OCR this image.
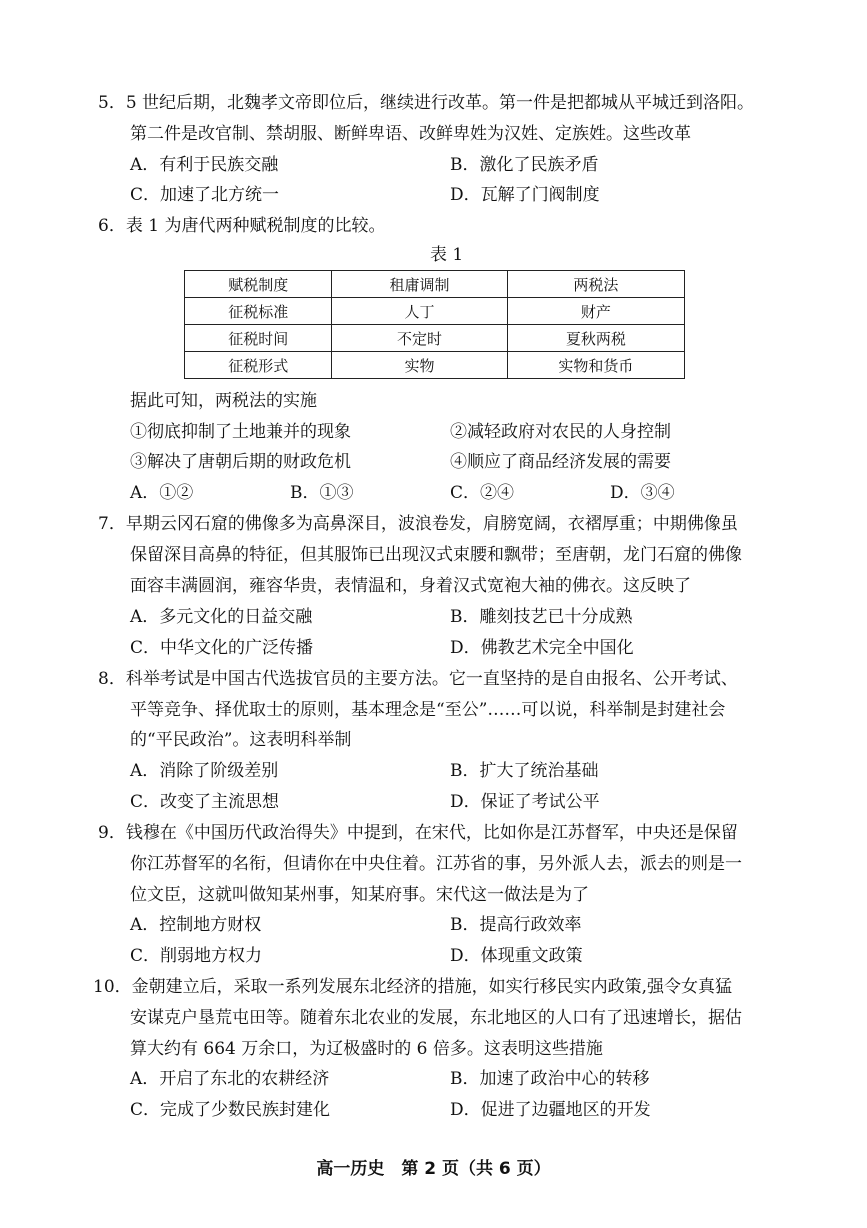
5．5 世纪后期，北魏孝文帝即位后，继续进行改革。第一件是把都城从平城迁到洛阳。
第二件是改官制、禁胡服、断鲜卑语、改鲜卑姓为汉姓、定族姓。这些改革
A．有利于民族交融	B．激化了民族矛盾
C．加速了北方统一	D．瓦解了门阀制度
6．表 1 为唐代两种赋税制度的比较。
表 1
赋税制度	租庸调制	两税法
征税标准	人丁	财产
征税时间	不定时	夏秋两税
征税形式	实物	实物和货币
据此可知，两税法的实施
①彻底抑制了土地兼并的现象	②减轻政府对农民的人身控制
③解决了唐朝后期的财政危机	④顺应了商品经济发展的需要
A．①②	B．①③	C．②④	D．③④
7．早期云冈石窟的佛像多为高鼻深目，波浪卷发，肩膀宽阔，衣褶厚重；中期佛像虽
保留深目高鼻的特征，但其服饰已出现汉式束腰和飘带；至唐朝，龙门石窟的佛像
面容丰满圆润，雍容华贵，表情温和，身着汉式宽袍大袖的佛衣。这反映了
A．多元文化的日益交融	B．雕刻技艺已十分成熟
C．中华文化的广泛传播	D．佛教艺术完全中国化
8．科举考试是中国古代选拔官员的主要方法。它一直坚持的是自由报名、公开考试、
平等竞争、择优取士的原则，基本理念是“至公”……可以说，科举制是封建社会
的“平民政治”。这表明科举制
A．消除了阶级差别	B．扩大了统治基础
C．改变了主流思想	D．保证了考试公平
9．钱穆在《中国历代政治得失》中提到，在宋代，比如你是江苏督军，中央还是保留
你江苏督军的名衔，但请你在中央住着。江苏省的事，另外派人去，派去的则是一
位文臣，这就叫做知某州事，知某府事。宋代这一做法是为了
A．控制地方财权	B．提高行政效率
C．削弱地方权力	D．体现重文政策
10．金朝建立后，采取一系列发展东北经济的措施，如实行移民实内政策,强令女真猛
安谋克户垦荒屯田等。随着东北农业的发展，东北地区的人口有了迅速增长，据估
算大约有 664 万余口，为辽极盛时的 6 倍多。这表明这些措施
A．开启了东北的农耕经济	B．加速了政治中心的转移
C．完成了少数民族封建化	D．促进了边疆地区的开发
高一历史　第 2 页（共 6 页）
